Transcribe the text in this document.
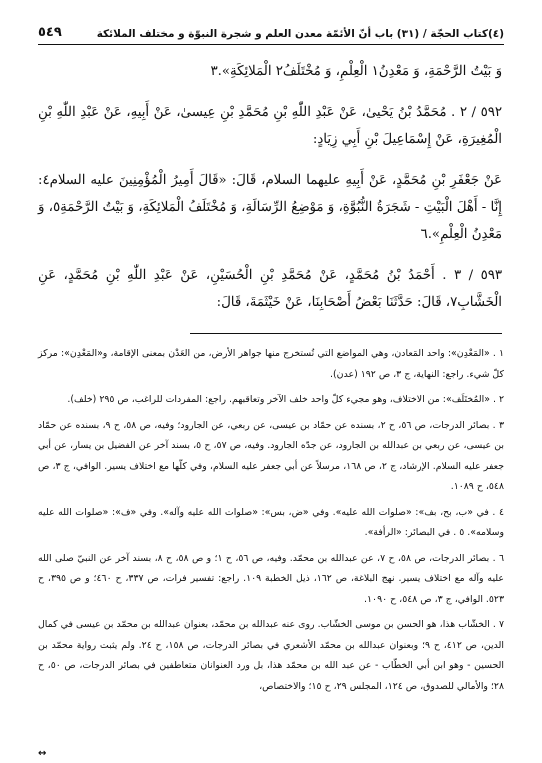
(٤)كتاب الحجّة / (٣١) باب أنّ الأئمّة معدن العلم و شجرة النبوّة و مختلف الملائكة
٥٤٩

وَ بَيْتُ الرَّحْمَةِ، وَ مَعْدِنُ١ الْعِلْمِ، وَ مُخْتَلَفُ٢ الْمَلائِكَةِ».٣

٥٩٢ / ٢ . مُحَمَّدُ بْنُ يَحْيىٰ، عَنْ عَبْدِ اللّٰهِ بْنِ مُحَمَّدِ بْنِ عِيسىٰ، عَنْ أَبِيهِ، عَنْ عَبْدِ اللّٰهِ بْنِ الْمُغِيرَةِ، عَنْ إِسْمَاعِيلَ بْنِ أَبِي زِيَادٍ:

عَنْ جَعْفَرِ بْنِ مُحَمَّدٍ، عَنْ أَبِيهِ عليهما السلام، قَالَ: «قَالَ أَمِيرُ الْمُؤْمِنِينَ عليه السلام٤: إِنَّا - أَهْلَ الْبَيْتِ - شَجَرَةُ النُّبُوَّةِ، وَ مَوْضِعُ الرِّسَالَةِ، وَ مُخْتَلَفُ الْمَلائِكَةِ، وَ بَيْتُ الرَّحْمَةِ٥، وَ مَعْدِنُ الْعِلْمِ».٦

٥٩٣ / ٣ . أَحْمَدُ بْنُ مُحَمَّدٍ، عَنْ مُحَمَّدِ بْنِ الْحُسَيْنِ، عَنْ عَبْدِ اللّٰهِ بْنِ مُحَمَّدٍ، عَنِ الْخَشَّابِ٧، قَالَ: حَدَّثَنَا بَعْضُ أَصْحَابِنَا، عَنْ خَيْثَمَةَ، قَالَ:

١ . «المَعْدِن»: واحد المَعادن، وهي المواضع التي تُستخرج منها جواهر الأرض، من العَدْن بمعنى الإقامة، و«المَعْدِن»: مركز كلّ شيء. راجع: النهاية، ج ٣، ص ١٩٢ (عدن).

٢ . «المُختَلَف»: من الاختلاف، وهو مجيء كلّ واحد خلف الآخر وتعاقبهم. راجع: المفردات للراغب، ص ٢٩٥ (خلف).

٣ . بصائر الدرجات، ص ٥٦، ح ٢، بسنده عن حمّاد بن عيسى، عن ربعي، عن الجارود؛ وفيه، ص ٥٨، ح ٩، بسنده عن حمّاد بن عيسى، عن ربعي بن عبدالله بن الجارود، عن جدّه الجارود. وفيه، ص ٥٧، ح ٥، بسند آخر عن الفضيل بن يسار، عن أبي جعفر عليه السلام. الإرشاد، ج ٢، ص ١٦٨، مرسلاً عن أبي جعفر عليه السلام، وفي كلّها مع اختلاف يسير. الوافي، ج ٣، ص ٥٤٨، ح ١٠٨٩.

٤ . في «ب، بح، بف»: «صلوات الله عليه». وفي «ض، بس»: «صلوات الله عليه وآله». وفي «ف»: «صلوات الله عليه وسلامه». ٥ . في البصائر: «الرأفة».

٦ . بصائر الدرجات، ص ٥٨، ح ٧، عن عبدالله بن محمّد. وفيه، ص ٥٦، ح ١؛ و ص ٥٨، ح ٨، بسند آخر عن النبيّ صلى الله عليه وآله مع اختلاف يسير. نهج البلاغة، ص ١٦٢، ذيل الخطبة ١٠٩. راجع: تفسير فرات، ص ٣٣٧، ح ٤٦٠؛ و ص ٣٩٥، ح ٥٢٣. الوافي، ج ٣، ص ٥٤٨، ح ١٠٩٠.

٧ . الخشّاب هذا، هو الحسن بن موسى الخشّاب. روى عنه عبدالله بن محمّد، بعنوان عبدالله بن محمّد بن عيسى في كمال الدين، ص ٤١٢، ح ٩؛ وبعنوان عبدالله بن محمّد الأشعري في بصائر الدرجات، ص ١٥٨، ح ٢٤. ولم يثبت رواية محمّد بن الحسين - وهو ابن أبي الخطّاب - عن عبد الله بن محمّد هذا، بل ورد العنوانان متعاطفين في بصائر الدرجات، ص ٥٠، ح ٢٨؛ والأمالي للصدوق، ص ١٢٤، المجلس ٢٩، ح ١٥؛ والاختصاص،

↔
